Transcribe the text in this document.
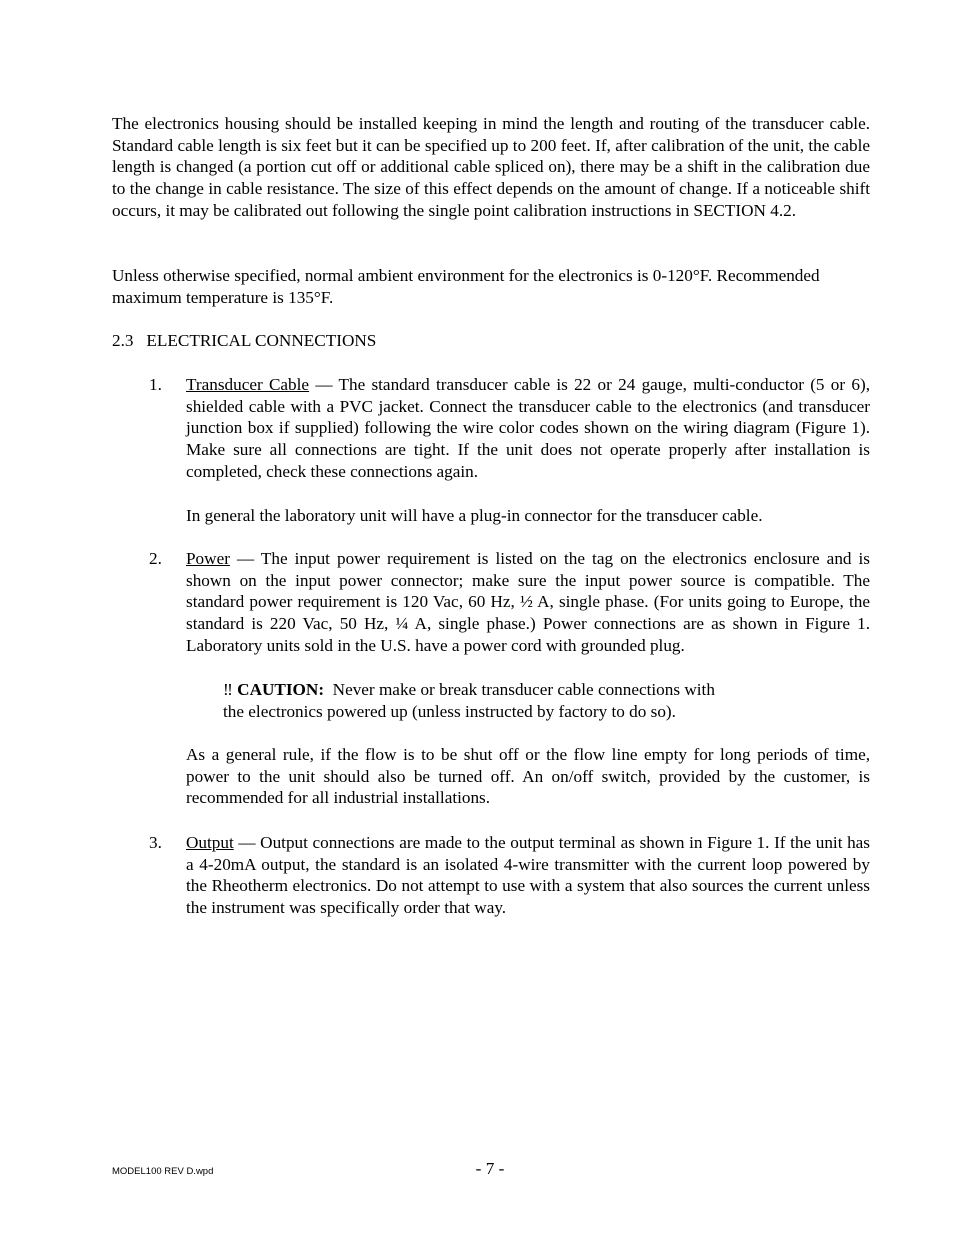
The electronics housing should be installed keeping in mind the length and routing of the transducer cable. Standard cable length is six feet but it can be specified up to 200 feet. If, after calibration of the unit, the cable length is changed (a portion cut off or additional cable spliced on), there may be a shift in the calibration due to the change in cable resistance. The size of this effect depends on the amount of change. If a noticeable shift occurs, it may be calibrated out following the single point calibration instructions in SECTION 4.2.

Unless otherwise specified, normal ambient environment for the electronics is 0-120°F. Recommended maximum temperature is 135°F.

2.3   ELECTRICAL CONNECTIONS

1. Transducer Cable — The standard transducer cable is 22 or 24 gauge, multi-conductor (5 or 6), shielded cable with a PVC jacket. Connect the transducer cable to the electronics (and transducer junction box if supplied) following the wire color codes shown on the wiring diagram (Figure 1). Make sure all connections are tight. If the unit does not operate properly after installation is completed, check these connections again.

In general the laboratory unit will have a plug-in connector for the transducer cable.

2. Power — The input power requirement is listed on the tag on the electronics enclosure and is shown on the input power connector; make sure the input power source is compatible. The standard power requirement is 120 Vac, 60 Hz, ½ A, single phase. (For units going to Europe, the standard is 220 Vac, 50 Hz, ¼ A, single phase.) Power connections are as shown in Figure 1. Laboratory units sold in the U.S. have a power cord with grounded plug.

‼ CAUTION:  Never make or break transducer cable connections with
the electronics powered up (unless instructed by factory to do so).

As a general rule, if the flow is to be shut off or the flow line empty for long periods of time, power to the unit should also be turned off. An on/off switch, provided by the customer, is recommended for all industrial installations.

3. Output — Output connections are made to the output terminal as shown in Figure 1. If the unit has a 4-20mA output, the standard is an isolated 4-wire transmitter with the current loop powered by the Rheotherm electronics. Do not attempt to use with a system that also sources the current unless the instrument was specifically order that way.

MODEL100 REV D.wpd	- 7 -
